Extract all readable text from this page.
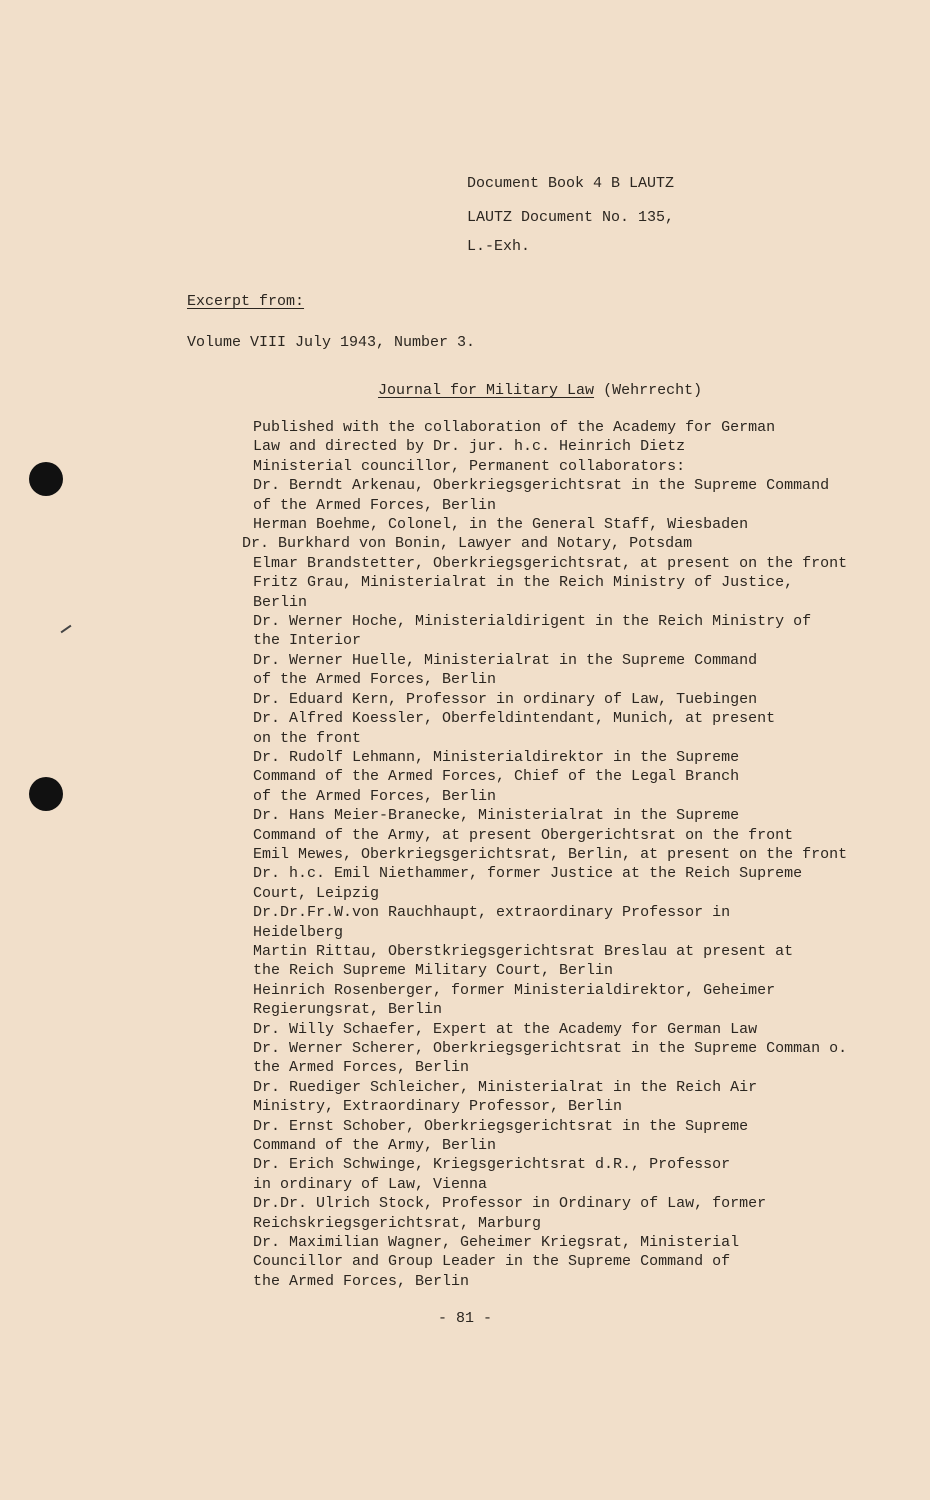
Document Book 4 B LAUTZ
LAUTZ Document No. 135,
L.-Exh.
Excerpt from:
Volume VIII July 1943, Number 3.
Journal for Military Law (Wehrrecht)
Published with the collaboration of the Academy for German
Law and directed by Dr. jur. h.c. Heinrich Dietz
Ministerial councillor, Permanent collaborators:
Dr. Berndt Arkenau, Oberkriegsgerichtsrat in the Supreme Command
of the Armed Forces, Berlin
Herman Boehme, Colonel, in the General Staff, Wiesbaden
Dr. Burkhard von Bonin, Lawyer and Notary, Potsdam
Elmar Brandstetter, Oberkriegsgerichtsrat, at present on the front
Fritz Grau, Ministerialrat in the Reich Ministry of Justice,
Berlin
Dr. Werner Hoche, Ministerialdirigent in the Reich Ministry of
the Interior
Dr. Werner Huelle, Ministerialrat in the Supreme Command
of the Armed Forces, Berlin
Dr. Eduard Kern, Professor in ordinary of Law, Tuebingen
Dr. Alfred Koessler, Oberfeldintendant, Munich, at present
on the front
Dr. Rudolf Lehmann, Ministerialdirektor in the Supreme
Command of the Armed Forces, Chief of the Legal Branch
of the Armed Forces, Berlin
Dr. Hans Meier-Branecke, Ministerialrat in the Supreme
Command of the Army, at present Obergerichtsrat on the front
Emil Mewes, Oberkriegsgerichtsrat, Berlin, at present on the front
Dr. h.c. Emil Niethammer, former Justice at the Reich Supreme
Court, Leipzig
Dr.Dr.Fr.W.von Rauchhaupt, extraordinary Professor in
Heidelberg
Martin Rittau, Oberstkriegsgerichtsrat Breslau at present at
the Reich Supreme Military Court, Berlin
Heinrich Rosenberger, former Ministerialdirektor, Geheimer
Regierungsrat, Berlin
Dr. Willy Schaefer, Expert at the Academy for German Law
Dr. Werner Scherer, Oberkriegsgerichtsrat in the Supreme Comman o.
the Armed Forces, Berlin
Dr. Ruediger Schleicher, Ministerialrat in the Reich Air
Ministry, Extraordinary Professor, Berlin
Dr. Ernst Schober, Oberkriegsgerichtsrat in the Supreme
Command of the Army, Berlin
Dr. Erich Schwinge, Kriegsgerichtsrat d.R., Professor
in ordinary of Law, Vienna
Dr.Dr. Ulrich Stock, Professor in Ordinary of Law, former
Reichskriegsgerichtsrat, Marburg
Dr. Maximilian Wagner, Geheimer Kriegsrat, Ministerial
Councillor and Group Leader in the Supreme Command of
the Armed Forces, Berlin
- 81 -
